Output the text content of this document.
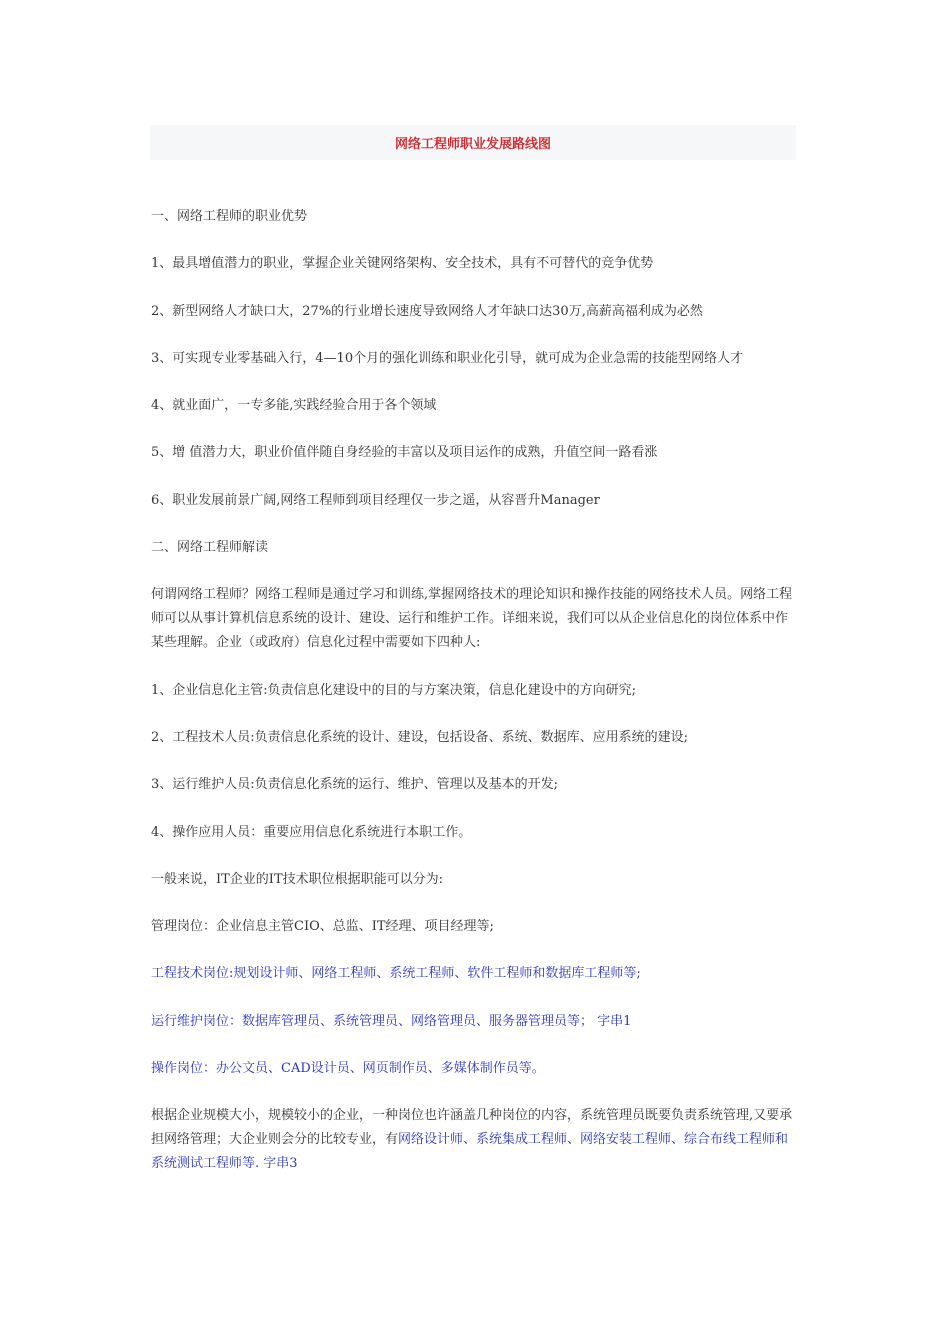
网络工程师职业发展路线图

一、网络工程师的职业优势

1、最具增值潜力的职业，掌握企业关键网络架构、安全技术，具有不可替代的竞争优势

2、新型网络人才缺口大，27%的行业增长速度导致网络人才年缺口达30万,高薪高福利成为必然

3、可实现专业零基础入行，4—10个月的强化训练和职业化引导，就可成为企业急需的技能型网络人才

4、就业面广，一专多能,实践经验合用于各个领域

5、增 值潜力大，职业价值伴随自身经验的丰富以及项目运作的成熟，升值空间一路看涨

6、职业发展前景广阔,网络工程师到项目经理仅一步之遥，从容晋升Manager

二、网络工程师解读

何谓网络工程师？网络工程师是通过学习和训练,掌握网络技术的理论知识和操作技能的网络技术人员。网络工程师可以从事计算机信息系统的设计、建设、运行和维护工作。详细来说，我们可以从企业信息化的岗位体系中作某些理解。企业（或政府）信息化过程中需要如下四种人:

1、企业信息化主管:负责信息化建设中的目的与方案决策，信息化建设中的方向研究;

2、工程技术人员:负责信息化系统的设计、建设，包括设备、系统、数据库、应用系统的建设;

3、运行维护人员:负责信息化系统的运行、维护、管理以及基本的开发;

4、操作应用人员：重要应用信息化系统进行本职工作。

一般来说，IT企业的IT技术职位根据职能可以分为:

管理岗位：企业信息主管CIO、总监、IT经理、项目经理等;

工程技术岗位:规划设计师、网络工程师、系统工程师、软件工程师和数据库工程师等;

运行维护岗位：数据库管理员、系统管理员、网络管理员、服务器管理员等； 字串1

操作岗位：办公文员、CAD设计员、网页制作员、多媒体制作员等。

根据企业规模大小，规模较小的企业，一种岗位也许涵盖几种岗位的内容，系统管理员既要负责系统管理,又要承担网络管理；大企业则会分的比较专业，有网络设计师、系统集成工程师、网络安装工程师、综合布线工程师和系统测试工程师等. 字串3
